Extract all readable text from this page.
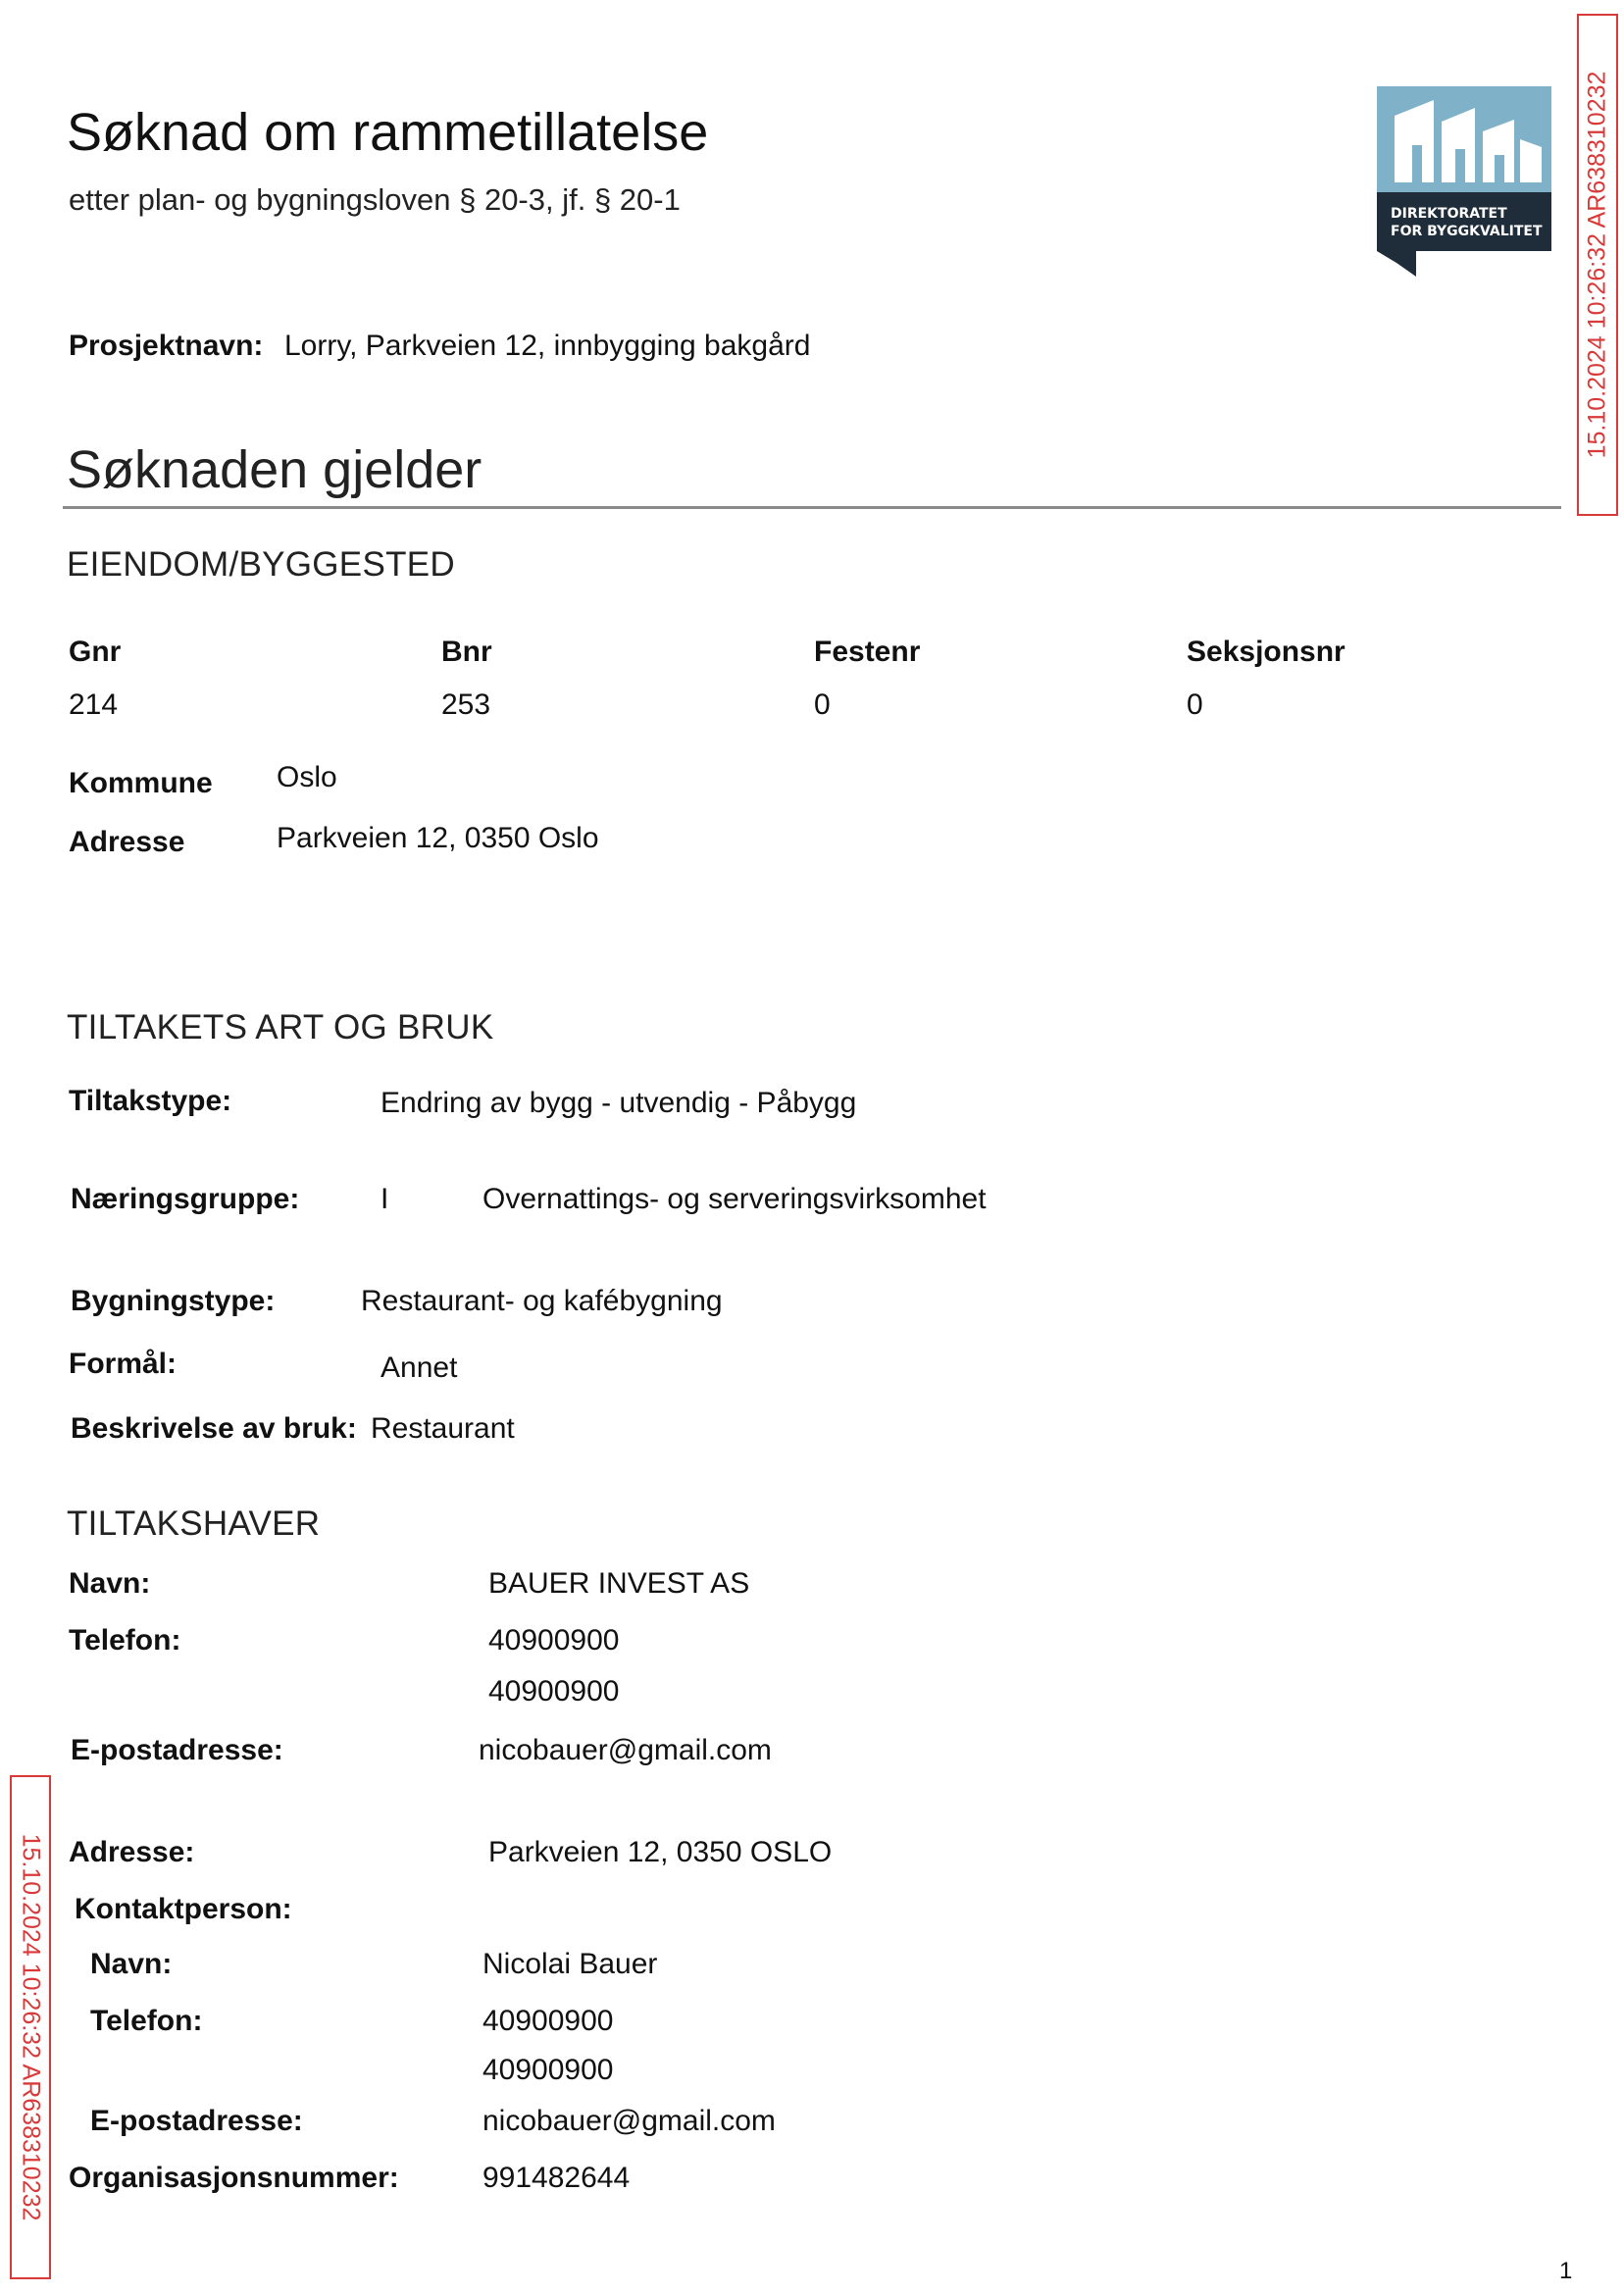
Søknad om rammetillatelse
etter plan- og bygningsloven § 20-3, jf. § 20-1	DIREKTORATET
FOR BYGGKVALITET 15.10.2024 10:26:32 AR638310232
15.10.2024 10:26:32 AR638310232
Prosjektnavn: Lorry, Parkveien 12, innbygging bakgård
Søknaden gjelder
EIENDOM/BYGGESTED
Gnr	Bnr	Festenr	Seksjonsnr
214	253	0	0
Kommune Oslo
Adresse	Parkveien 12, 0350 Oslo
TILTAKETS ART OG BRUK
Tiltakstype:	Endring av bygg - utvendig - Påbygg
Næringsgruppe:	I	Overnattings- og serveringsvirksomhet
Bygningstype:	Restaurant- og kafébygning
Formål:	Annet
Beskrivelse av bruk: Restaurant
TILTAKSHAVER
Navn:	BAUER INVEST AS
Telefon:	40900900
40900900
E-postadresse:	nicobauer@gmail.com
Adresse:	Parkveien 12, 0350 OSLO
Kontaktperson:
Navn:	Nicolai Bauer
Telefon:	40900900
40900900
E-postadresse:	nicobauer@gmail.com
Organisasjonsnummer:	991482644
1
